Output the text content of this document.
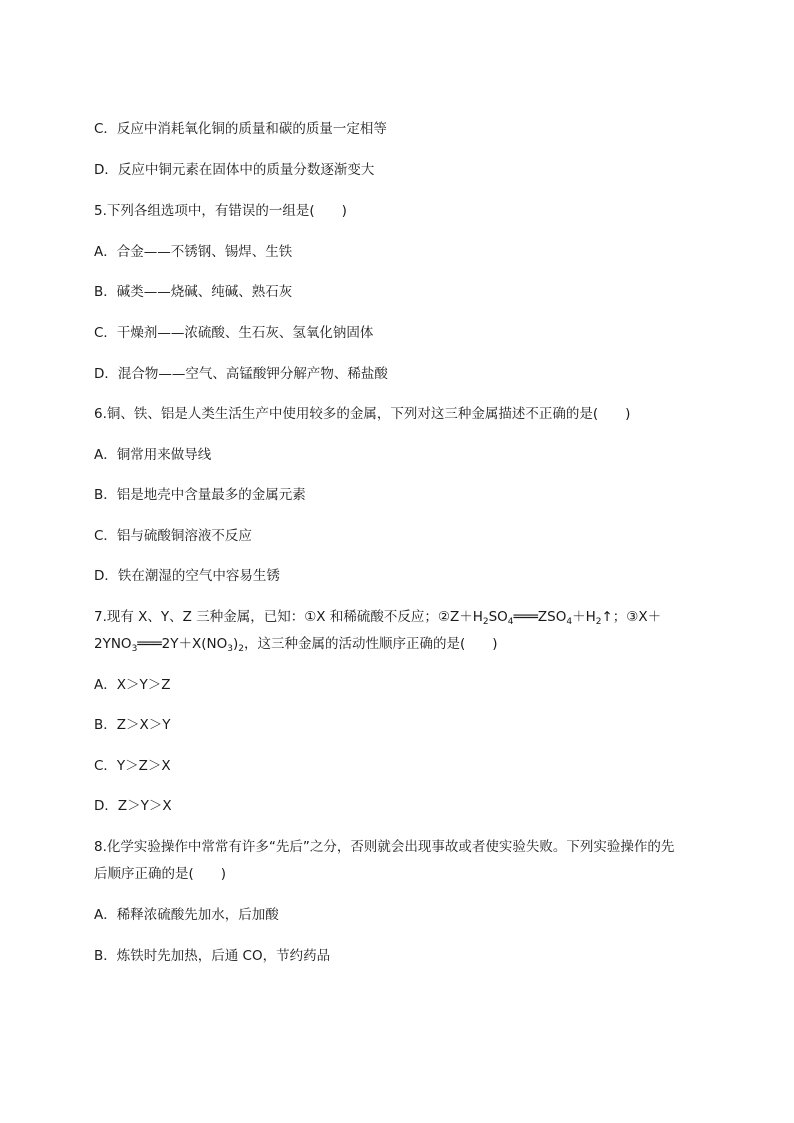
C．反应中消耗氧化铜的质量和碳的质量一定相等
D．反应中铜元素在固体中的质量分数逐渐变大
5.下列各组选项中，有错误的一组是(　　)
A．合金——不锈钢、锡焊、生铁
B．碱类——烧碱、纯碱、熟石灰
C．干燥剂——浓硫酸、生石灰、氢氧化钠固体
D．混合物——空气、高锰酸钾分解产物、稀盐酸
6.铜、铁、铝是人类生活生产中使用较多的金属，下列对这三种金属描述不正确的是(　　)
A．铜常用来做导线
B．铝是地壳中含量最多的金属元素
C．铝与硫酸铜溶液不反应
D．铁在潮湿的空气中容易生锈
7.现有 X、Y、Z 三种金属，已知：①X 和稀硫酸不反应；$②Z+H_2SO_4═══ZSO_4+H_2↑$；③X＋
$2YNO_3═══2Y+X(NO_3)_2$，这三种金属的活动性顺序正确的是(　　)
A．X＞Y＞Z
B．Z＞X＞Y
C．Y＞Z＞X
D．Z＞Y＞X
8.化学实验操作中常常有许多“先后”之分，否则就会出现事故或者使实验失败。下列实验操作的先
后顺序正确的是(　　)
A．稀释浓硫酸先加水，后加酸
B．炼铁时先加热，后通 CO，节约药品
